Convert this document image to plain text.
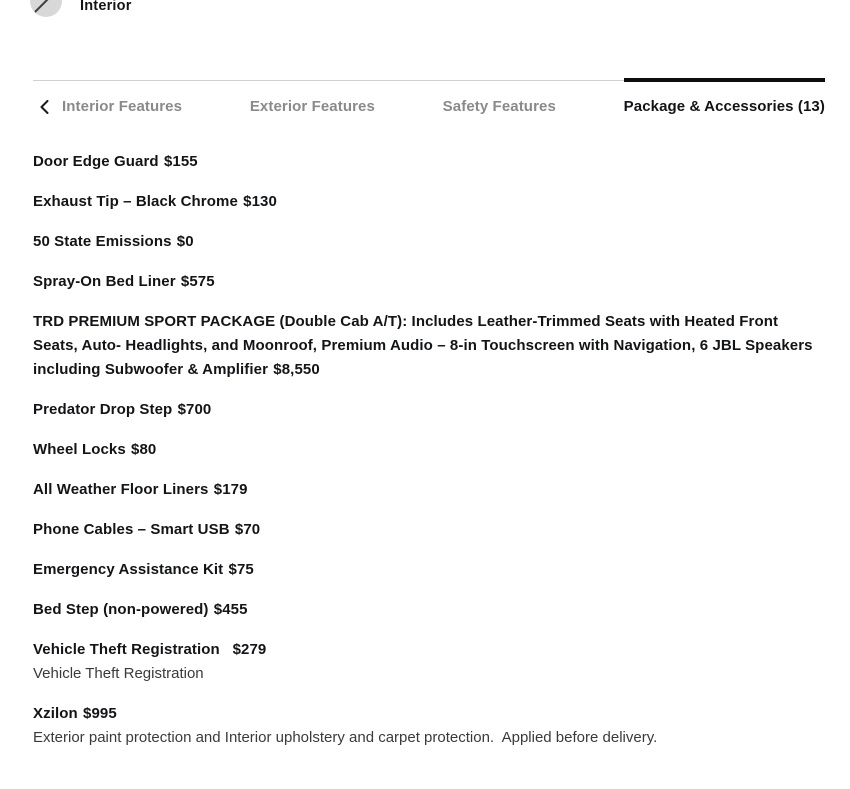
Interior
Interior Features	Exterior Features	Safety Features	Package & Accessories (13)
Door Edge Guard $155
Exhaust Tip – Black Chrome $130
50 State Emissions $0
Spray-On Bed Liner $575
TRD PREMIUM SPORT PACKAGE (Double Cab A/T): Includes Leather-Trimmed Seats with Heated Front Seats, Auto- Headlights, and Moonroof, Premium Audio – 8-in Touchscreen with Navigation, 6 JBL Speakers including Subwoofer & Amplifier $8,550
Predator Drop Step $700
Wheel Locks $80
All Weather Floor Liners $179
Phone Cables – Smart USB $70
Emergency Assistance Kit $75
Bed Step (non-powered) $455
Vehicle Theft Registration $279
Vehicle Theft Registration
Xzilon $995
Exterior paint protection and Interior upholstery and carpet protection.  Applied before delivery.
